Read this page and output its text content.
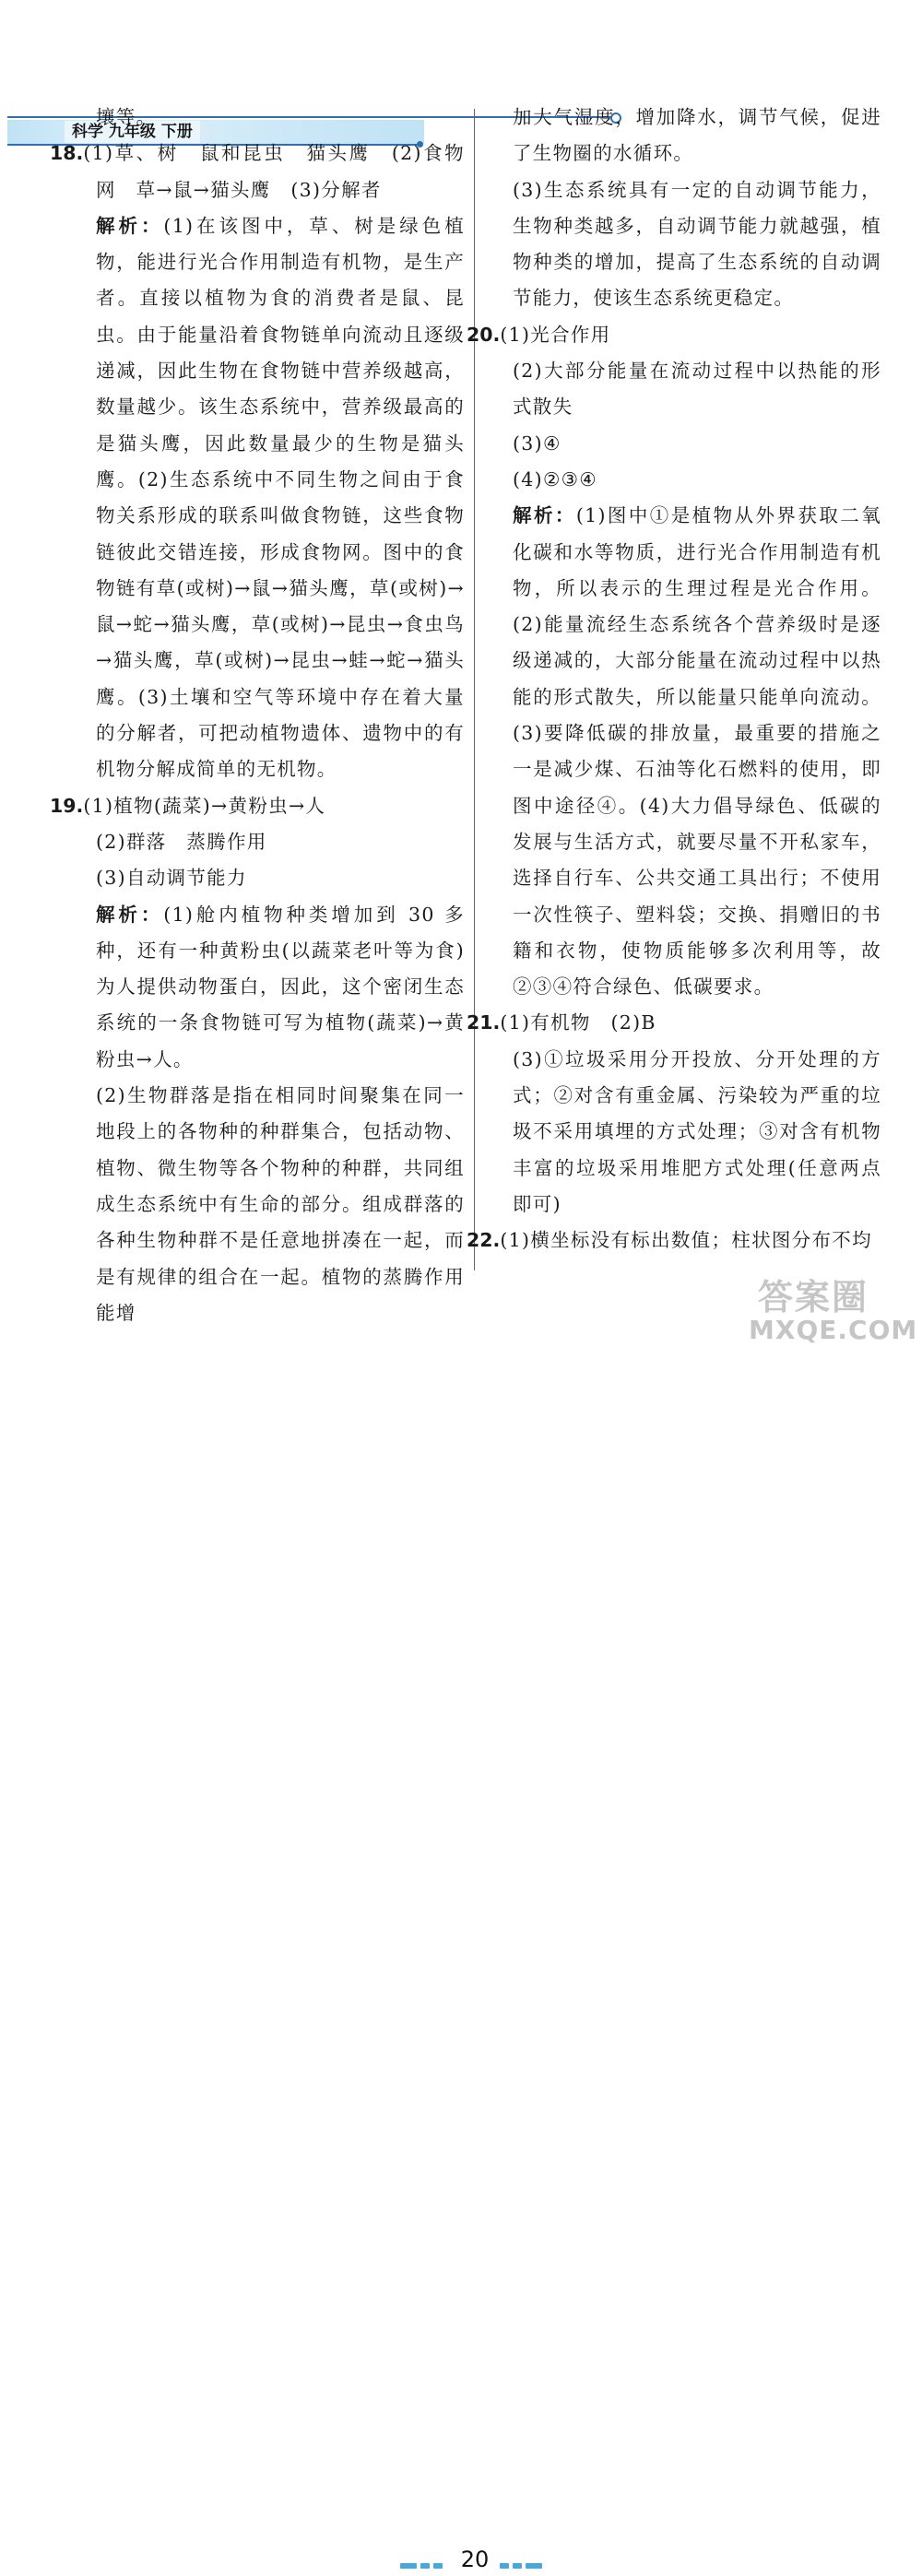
科学 九年级 下册

壤等。

18.(1)草、树　鼠和昆虫　猫头鹰　(2)食物网　草→鼠→猫头鹰　(3)分解者

解析：(1)在该图中，草、树是绿色植物，能进行光合作用制造有机物，是生产者。直接以植物为食的消费者是鼠、昆虫。由于能量沿着食物链单向流动且逐级递减，因此生物在食物链中营养级越高，数量越少。该生态系统中，营养级最高的是猫头鹰，因此数量最少的生物是猫头鹰。(2)生态系统中不同生物之间由于食物关系形成的联系叫做食物链，这些食物链彼此交错连接，形成食物网。图中的食物链有草(或树)→鼠→猫头鹰，草(或树)→鼠→蛇→猫头鹰，草(或树)→昆虫→食虫鸟→猫头鹰，草(或树)→昆虫→蛙→蛇→猫头鹰。(3)土壤和空气等环境中存在着大量的分解者，可把动植物遗体、遗物中的有机物分解成简单的无机物。

19.(1)植物(蔬菜)→黄粉虫→人

(2)群落　蒸腾作用

(3)自动调节能力

解析：(1)舱内植物种类增加到 30 多种，还有一种黄粉虫(以蔬菜老叶等为食)为人提供动物蛋白，因此，这个密闭生态系统的一条食物链可写为植物(蔬菜)→黄粉虫→人。

(2)生物群落是指在相同时间聚集在同一地段上的各物种的种群集合，包括动物、植物、微生物等各个物种的种群，共同组成生态系统中有生命的部分。组成群落的各种生物种群不是任意地拼凑在一起，而是有规律的组合在一起。植物的蒸腾作用能增

加大气湿度，增加降水，调节气候，促进了生物圈的水循环。

(3)生态系统具有一定的自动调节能力，生物种类越多，自动调节能力就越强，植物种类的增加，提高了生态系统的自动调节能力，使该生态系统更稳定。

20.(1)光合作用

(2)大部分能量在流动过程中以热能的形式散失

(3)④

(4)②③④

解析：(1)图中①是植物从外界获取二氧化碳和水等物质，进行光合作用制造有机物，所以表示的生理过程是光合作用。(2)能量流经生态系统各个营养级时是逐级递减的，大部分能量在流动过程中以热能的形式散失，所以能量只能单向流动。(3)要降低碳的排放量，最重要的措施之一是减少煤、石油等化石燃料的使用，即图中途径④。(4)大力倡导绿色、低碳的发展与生活方式，就要尽量不开私家车，选择自行车、公共交通工具出行；不使用一次性筷子、塑料袋；交换、捐赠旧的书籍和衣物，使物质能够多次利用等，故②③④符合绿色、低碳要求。

21.(1)有机物　(2)B

(3)①垃圾采用分开投放、分开处理的方式；②对含有重金属、污染较为严重的垃圾不采用填埋的方式处理；③对含有机物丰富的垃圾采用堆肥方式处理(任意两点即可)

22.(1)横坐标没有标出数值；柱状图分布不均

20
答案圈
MXQE.COM
